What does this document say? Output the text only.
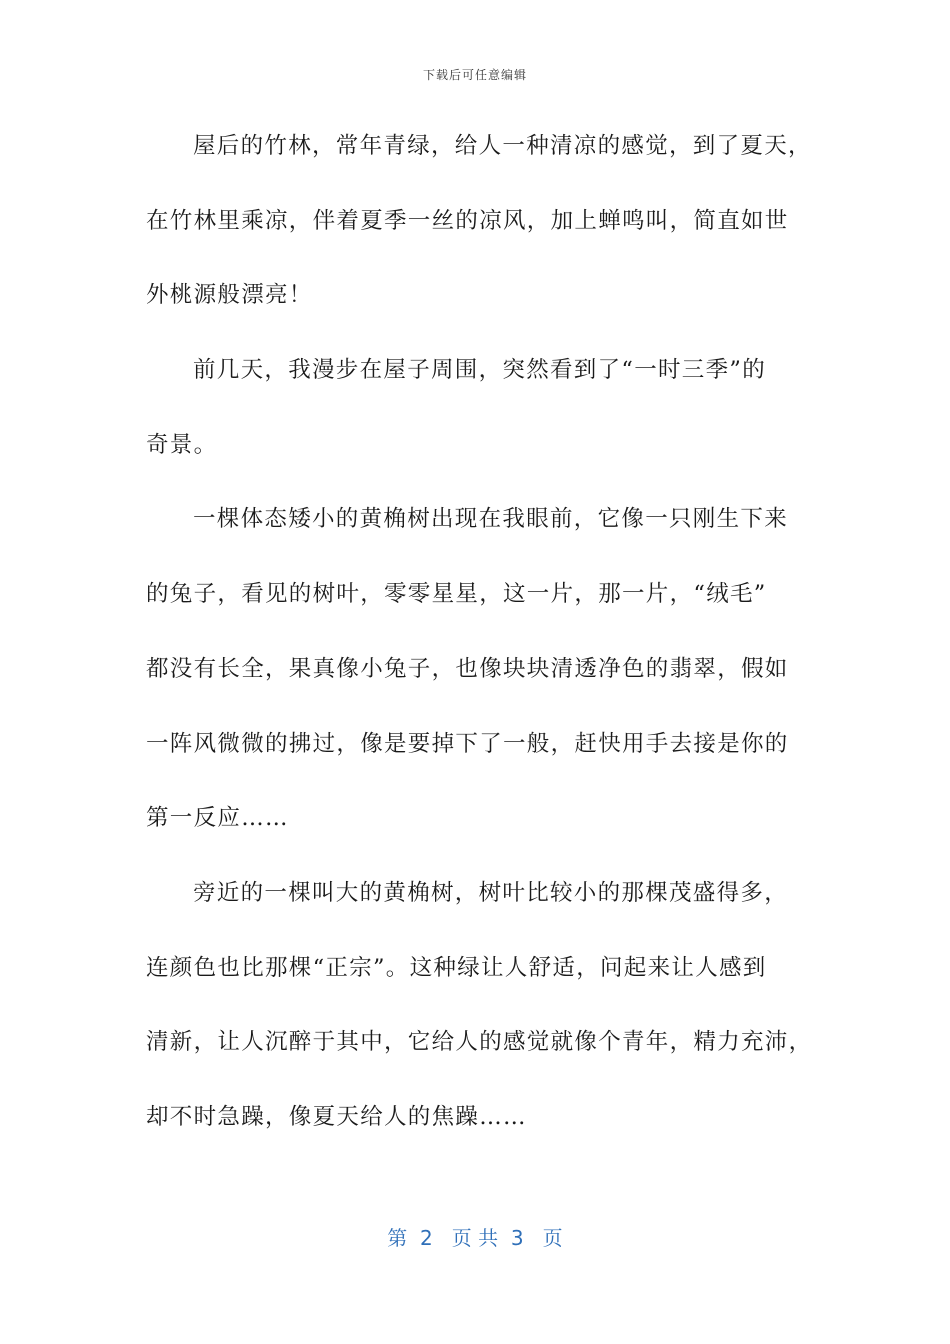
下载后可任意编辑
屋后的竹林，常年青绿，给人一种清凉的感觉，到了夏天，
在竹林里乘凉，伴着夏季一丝的凉风，加上蝉鸣叫，简直如世
外桃源般漂亮！
前几天，我漫步在屋子周围，突然看到了“一时三季”的
奇景。
一棵体态矮小的黄桷树出现在我眼前，它像一只刚生下来
的兔子，看见的树叶，零零星星，这一片，那一片，“绒毛”
都没有长全，果真像小兔子，也像块块清透净色的翡翠，假如
一阵风微微的拂过，像是要掉下了一般，赶快用手去接是你的
第一反应……
旁近的一棵叫大的黄桷树，树叶比较小的那棵茂盛得多，
连颜色也比那棵“正宗”。这种绿让人舒适，问起来让人感到
清新，让人沉醉于其中，它给人的感觉就像个青年，精力充沛，
却不时急躁，像夏天给人的焦躁……
第  2   页 共  3   页
